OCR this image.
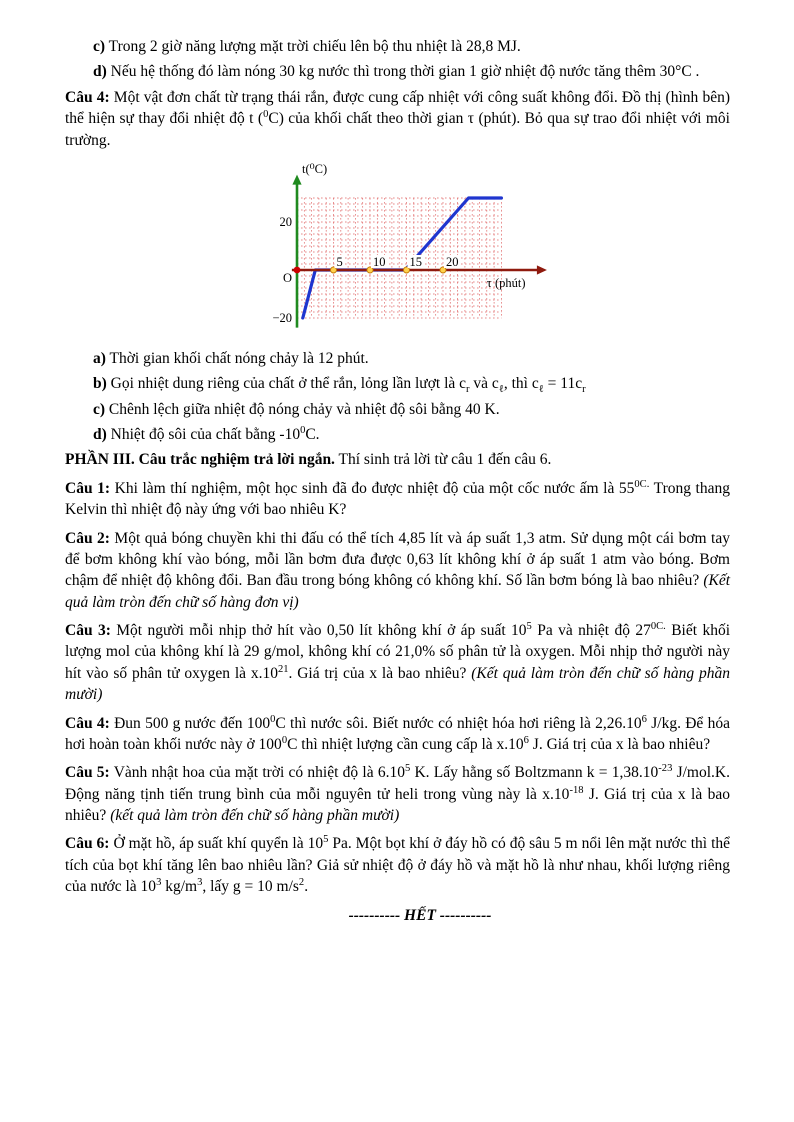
c) Trong 2 giờ năng lượng mặt trời chiếu lên bộ thu nhiệt là 28,8 MJ.

d) Nếu hệ thống đó làm nóng 30 kg nước thì trong thời gian 1 giờ nhiệt độ nước tăng thêm 30°C .

Câu 4: Một vật đơn chất từ trạng thái rắn, được cung cấp nhiệt với công suất không đổi. Đồ thị (hình bên) thể hiện sự thay đổi nhiệt độ t ($^0$C) của khối chất theo thời gian τ (phút). Bỏ qua sự trao đổi nhiệt với môi trường.

5 10 15 20
20
O
−20
t(⁰C)
τ (phút)

a) Thời gian khối chất nóng chảy là 12 phút.

b) Gọi nhiệt dung riêng của chất ở thể rắn, lỏng lần lượt là $c_r$ và $c_\ell$, thì $c_\ell = 11c_r$

c) Chênh lệch giữa nhiệt độ nóng chảy và nhiệt độ sôi bằng 40 K.

d) Nhiệt độ sôi của chất bằng $-10^0C$.

PHẦN III. Câu trắc nghiệm trả lời ngắn. Thí sinh trả lời từ câu 1 đến câu 6.

Câu 1: Khi làm thí nghiệm, một học sinh đã đo được nhiệt độ của một cốc nước ấm là $55^{0C.}$ Trong thang Kelvin thì nhiệt độ này ứng với bao nhiêu K?

Câu 2: Một quả bóng chuyền khi thi đấu có thể tích 4,85 lít và áp suất 1,3 atm. Sử dụng một cái bơm tay để bơm không khí vào bóng, mỗi lần bơm đưa được 0,63 lít không khí ở áp suất 1 atm vào bóng. Bơm chậm để nhiệt độ không đổi. Ban đầu trong bóng không có không khí. Số lần bơm bóng là bao nhiêu? (Kết quả làm tròn đến chữ số hàng đơn vị)

Câu 3: Một người mỗi nhịp thở hít vào 0,50 lít không khí ở áp suất $10^5$ Pa và nhiệt độ $27^{0C.}$ Biết khối lượng mol của không khí là 29 g/mol, không khí có 21,0% số phân tử là oxygen. Mỗi nhịp thở người này hít vào số phân tử oxygen là $x.10^{21}$. Giá trị của x là bao nhiêu? (Kết quả làm tròn đến chữ số hàng phần mười)

Câu 4: Đun 500 g nước đến $100^0C$ thì nước sôi. Biết nước có nhiệt hóa hơi riêng là 2,26.10$^6$ J/kg. Để hóa hơi hoàn toàn khối nước này ở $100^0C$ thì nhiệt lượng cần cung cấp là $x.10^6$ J. Giá trị của x là bao nhiêu?

Câu 5: Vành nhật hoa của mặt trời có nhiệt độ là 6.10$^5$ K. Lấy hằng số Boltzmann $k = 1,38.10^{-23}$ J/mol.K. Động năng tịnh tiến trung bình của mỗi nguyên tử heli trong vùng này là $x.10^{-18}$ J. Giá trị của x là bao nhiêu? (kết quả làm tròn đến chữ số hàng phần mười)

Câu 6: Ở mặt hồ, áp suất khí quyển là $10^5$ Pa. Một bọt khí ở đáy hồ có độ sâu 5 m nổi lên mặt nước thì thể tích của bọt khí tăng lên bao nhiêu lần? Giả sử nhiệt độ ở đáy hồ và mặt hồ là như nhau, khối lượng riêng của nước là $10^3$ $kg/m^3$, lấy g = 10 $m/s^2$.

---------- HẾT ----------
